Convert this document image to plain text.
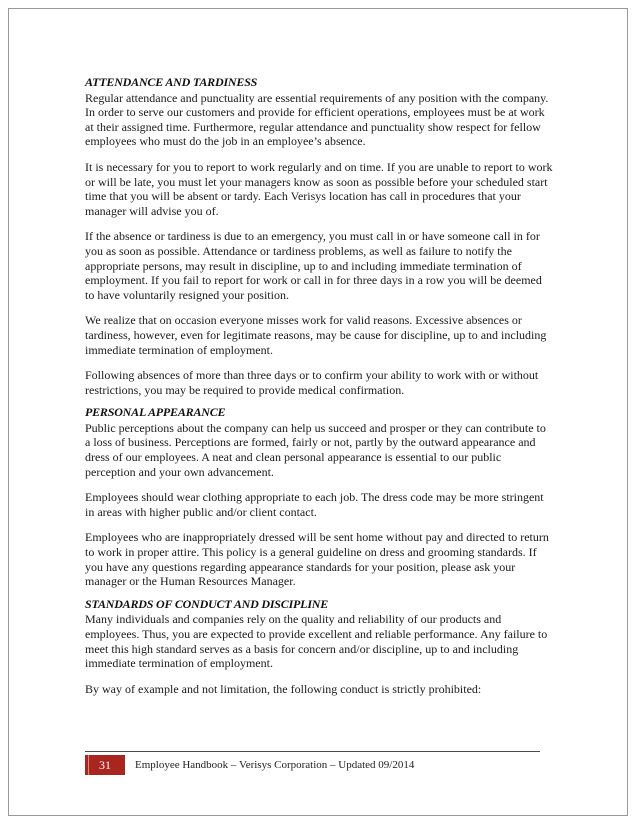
ATTENDANCE AND TARDINESS

Regular attendance and punctuality are essential requirements of any position with the company. In order to serve our customers and provide for efficient operations, employees must be at work at their assigned time. Furthermore, regular attendance and punctuality show respect for fellow employees who must do the job in an employee’s absence.

It is necessary for you to report to work regularly and on time. If you are unable to report to work or will be late, you must let your managers know as soon as possible before your scheduled start time that you will be absent or tardy. Each Verisys location has call in procedures that your manager will advise you of.

If the absence or tardiness is due to an emergency, you must call in or have someone call in for you as soon as possible. Attendance or tardiness problems, as well as failure to notify the appropriate persons, may result in discipline, up to and including immediate termination of employment. If you fail to report for work or call in for three days in a row you will be deemed to have voluntarily resigned your position.

We realize that on occasion everyone misses work for valid reasons. Excessive absences or tardiness, however, even for legitimate reasons, may be cause for discipline, up to and including immediate termination of employment.

Following absences of more than three days or to confirm your ability to work with or without restrictions, you may be required to provide medical confirmation.

PERSONAL APPEARANCE

Public perceptions about the company can help us succeed and prosper or they can contribute to a loss of business. Perceptions are formed, fairly or not, partly by the outward appearance and dress of our employees. A neat and clean personal appearance is essential to our public perception and your own advancement.

Employees should wear clothing appropriate to each job. The dress code may be more stringent in areas with higher public and/or client contact.

Employees who are inappropriately dressed will be sent home without pay and directed to return to work in proper attire. This policy is a general guideline on dress and grooming standards. If you have any questions regarding appearance standards for your position, please ask your manager or the Human Resources Manager.

STANDARDS OF CONDUCT AND DISCIPLINE

Many individuals and companies rely on the quality and reliability of our products and employees. Thus, you are expected to provide excellent and reliable performance. Any failure to meet this high standard serves as a basis for concern and/or discipline, up to and including immediate termination of employment.

By way of example and not limitation, the following conduct is strictly prohibited:

31	Employee Handbook – Verisys Corporation – Updated 09/2014
